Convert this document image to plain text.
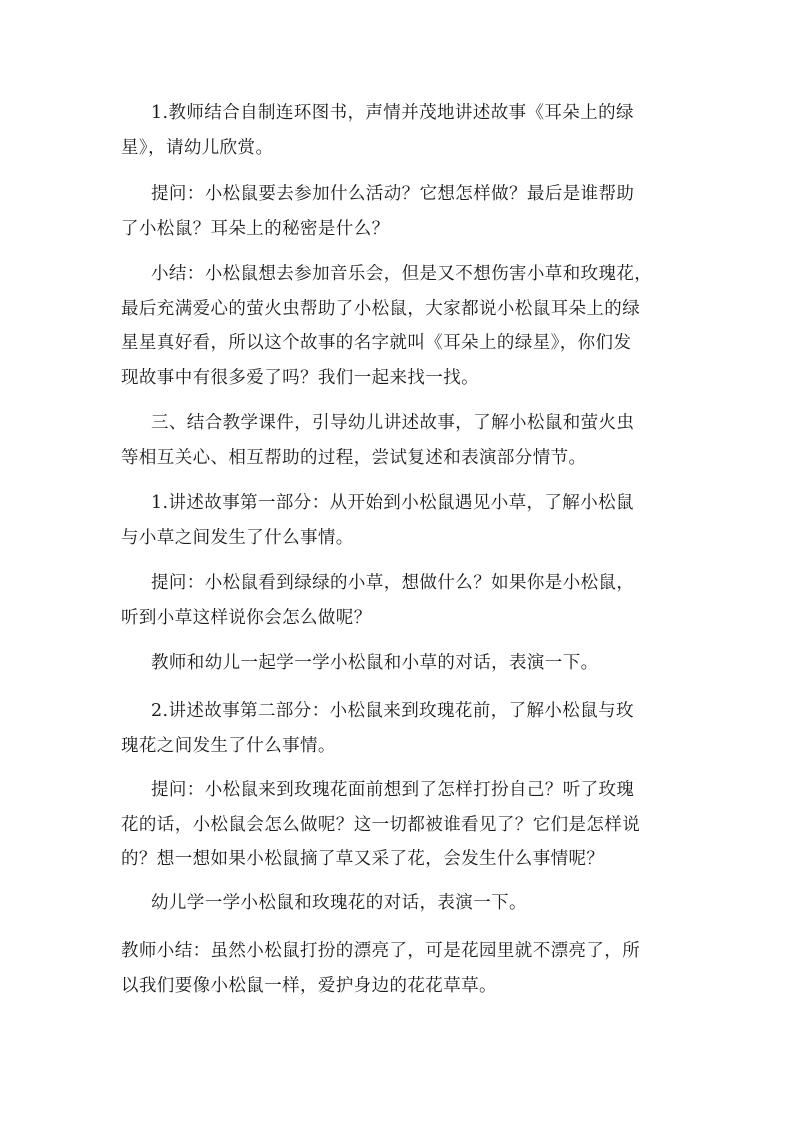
1.教师结合自制连环图书，声情并茂地讲述故事《耳朵上的绿
星》，请幼儿欣赏。

提问：小松鼠要去参加什么活动？它想怎样做？最后是谁帮助
了小松鼠？耳朵上的秘密是什么？

小结：小松鼠想去参加音乐会，但是又不想伤害小草和玫瑰花，
最后充满爱心的萤火虫帮助了小松鼠，大家都说小松鼠耳朵上的绿
星星真好看，所以这个故事的名字就叫《耳朵上的绿星》，你们发
现故事中有很多爱了吗？我们一起来找一找。

三、结合教学课件，引导幼儿讲述故事，了解小松鼠和萤火虫
等相互关心、相互帮助的过程，尝试复述和表演部分情节。

1.讲述故事第一部分：从开始到小松鼠遇见小草，了解小松鼠
与小草之间发生了什么事情。

提问：小松鼠看到绿绿的小草，想做什么？如果你是小松鼠，
听到小草这样说你会怎么做呢？

教师和幼儿一起学一学小松鼠和小草的对话，表演一下。

2.讲述故事第二部分：小松鼠来到玫瑰花前，了解小松鼠与玫
瑰花之间发生了什么事情。

提问：小松鼠来到玫瑰花面前想到了怎样打扮自己？听了玫瑰
花的话，小松鼠会怎么做呢？这一切都被谁看见了？它们是怎样说
的？想一想如果小松鼠摘了草又采了花，会发生什么事情呢？

幼儿学一学小松鼠和玫瑰花的对话，表演一下。

教师小结：虽然小松鼠打扮的漂亮了，可是花园里就不漂亮了，所
以我们要像小松鼠一样，爱护身边的花花草草。
